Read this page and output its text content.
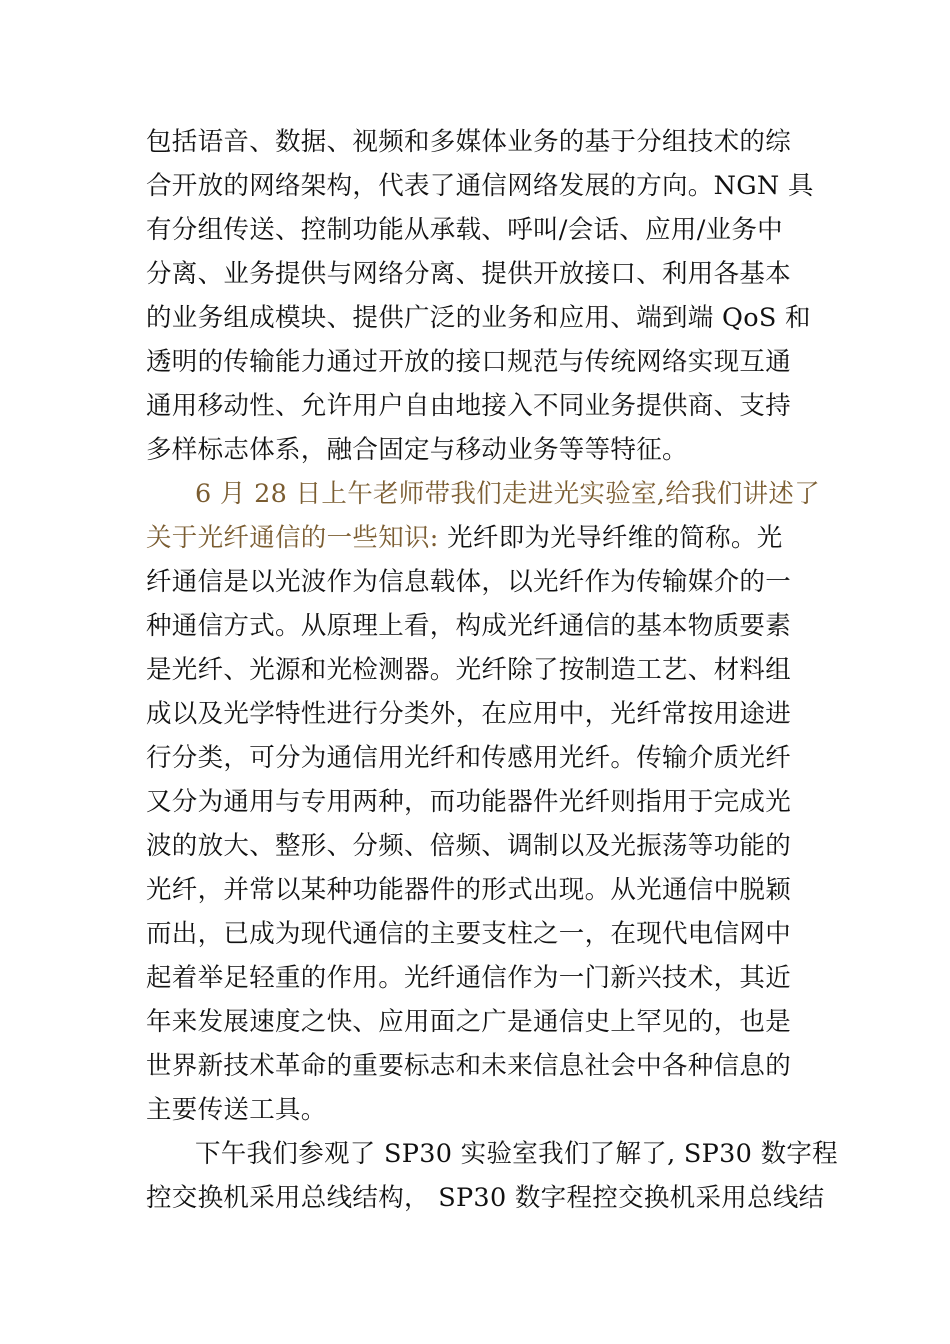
包括语音、数据、视频和多媒体业务的基于分组技术的综
合开放的网络架构，代表了通信网络发展的方向。NGN 具
有分组传送、控制功能从承载、呼叫/会话、应用/业务中
分离、业务提供与网络分离、提供开放接口、利用各基本
的业务组成模块、提供广泛的业务和应用、端到端 QoS 和
透明的传输能力通过开放的接口规范与传统网络实现互通
通用移动性、允许用户自由地接入不同业务提供商、支持
多样标志体系，融合固定与移动业务等等特征。
6 月 28 日上午老师带我们走进光实验室,给我们讲述了
关于光纤通信的一些知识: 光纤即为光导纤维的简称。光
纤通信是以光波作为信息载体，以光纤作为传输媒介的一
种通信方式。从原理上看，构成光纤通信的基本物质要素
是光纤、光源和光检测器。光纤除了按制造工艺、材料组
成以及光学特性进行分类外，在应用中，光纤常按用途进
行分类，可分为通信用光纤和传感用光纤。传输介质光纤
又分为通用与专用两种，而功能器件光纤则指用于完成光
波的放大、整形、分频、倍频、调制以及光振荡等功能的
光纤，并常以某种功能器件的形式出现。从光通信中脱颖
而出，已成为现代通信的主要支柱之一，在现代电信网中
起着举足轻重的作用。光纤通信作为一门新兴技术，其近
年来发展速度之快、应用面之广是通信史上罕见的，也是
世界新技术革命的重要标志和未来信息社会中各种信息的
主要传送工具。
下午我们参观了 SP30 实验室我们了解了, SP30 数字程
控交换机采用总线结构， SP30 数字程控交换机采用总线结
